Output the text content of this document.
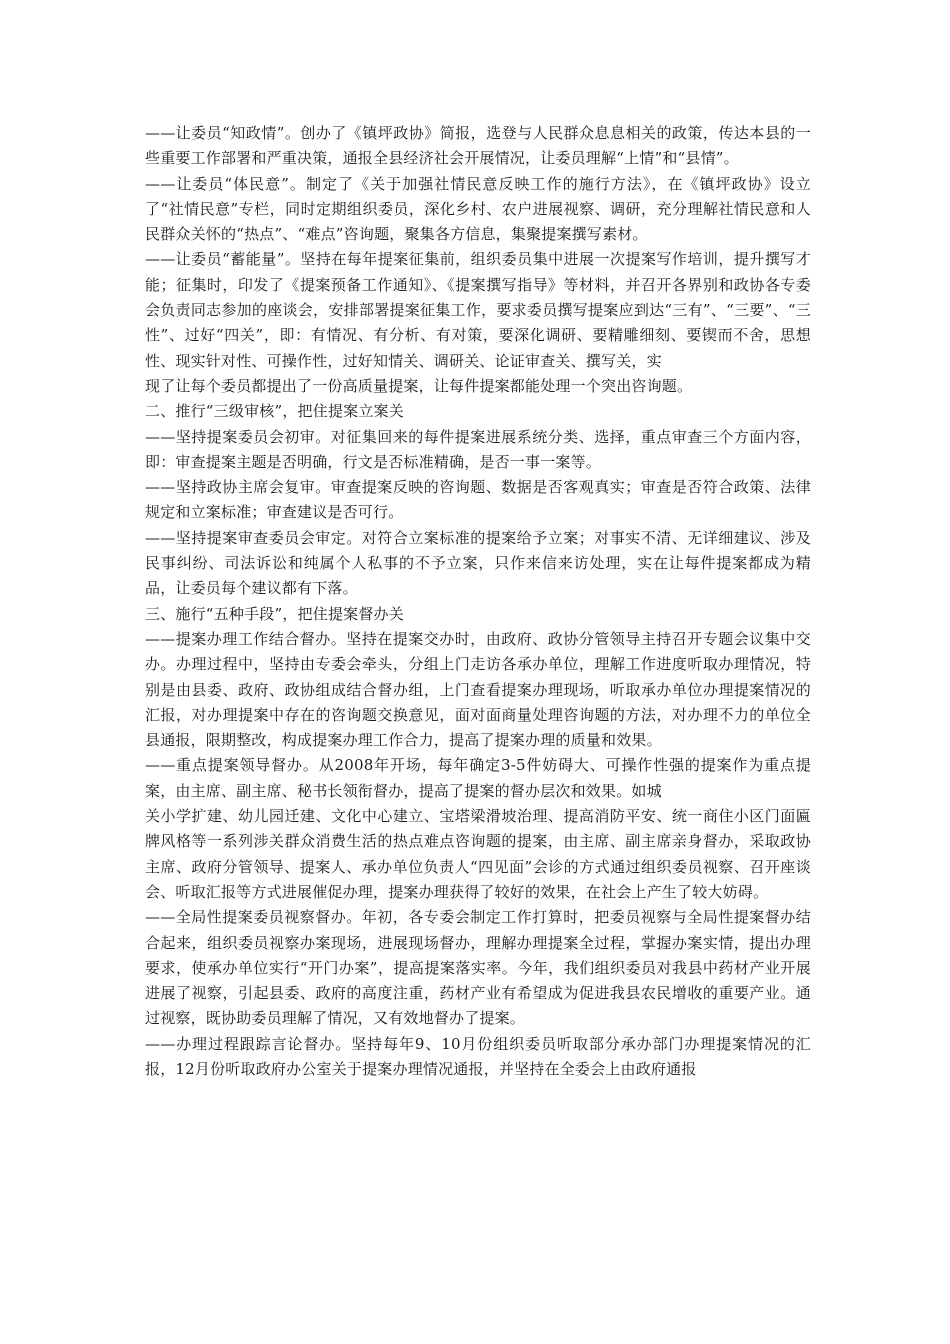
——让委员“知政情”。创办了《镇坪政协》简报，选登与人民群众息息相关的政策，传达本县的一些重要工作部署和严重决策，通报全县经济社会开展情况，让委员理解“上情”和“县情”。

——让委员“体民意”。制定了《关于加强社情民意反映工作的施行方法》，在《镇坪政协》设立了“社情民意”专栏，同时定期组织委员，深化乡村、农户进展视察、调研，充分理解社情民意和人民群众关怀的“热点”、“难点”咨询题，聚集各方信息，集聚提案撰写素材。

——让委员“蓄能量”。坚持在每年提案征集前，组织委员集中进展一次提案写作培训，提升撰写才能；征集时，印发了《提案预备工作通知》、《提案撰写指导》等材料，并召开各界别和政协各专委会负责同志参加的座谈会，安排部署提案征集工作，要求委员撰写提案应到达“三有”、“三要”、“三性”、过好“四关”，即：有情况、有分析、有对策，要深化调研、要精雕细刻、要锲而不舍，思想性、现实针对性、可操作性，过好知情关、调研关、论证审查关、撰写关，实

现了让每个委员都提出了一份高质量提案，让每件提案都能处理一个突出咨询题。

二、推行“三级审核”，把住提案立案关

——坚持提案委员会初审。对征集回来的每件提案进展系统分类、选择，重点审查三个方面内容，即：审查提案主题是否明确，行文是否标准精确，是否一事一案等。

——坚持政协主席会复审。审查提案反映的咨询题、数据是否客观真实；审查是否符合政策、法律规定和立案标准；审查建议是否可行。

——坚持提案审查委员会审定。对符合立案标准的提案给予立案；对事实不清、无详细建议、涉及民事纠纷、司法诉讼和纯属个人私事的不予立案，只作来信来访处理，实在让每件提案都成为精品，让委员每个建议都有下落。

三、施行“五种手段”，把住提案督办关

——提案办理工作结合督办。坚持在提案交办时，由政府、政协分管领导主持召开专题会议集中交办。办理过程中，坚持由专委会牵头，分组上门走访各承办单位，理解工作进度听取办理情况，特别是由县委、政府、政协组成结合督办组，上门查看提案办理现场，听取承办单位办理提案情况的汇报，对办理提案中存在的咨询题交换意见，面对面商量处理咨询题的方法，对办理不力的单位全县通报，限期整改，构成提案办理工作合力，提高了提案办理的质量和效果。

——重点提案领导督办。从2008年开场，每年确定3-5件妨碍大、可操作性强的提案作为重点提案，由主席、副主席、秘书长领衔督办，提高了提案的督办层次和效果。如城

关小学扩建、幼儿园迁建、文化中心建立、宝塔梁滑坡治理、提高消防平安、统一商住小区门面匾牌风格等一系列涉关群众消费生活的热点难点咨询题的提案，由主席、副主席亲身督办，采取政协主席、政府分管领导、提案人、承办单位负责人“四见面”会诊的方式通过组织委员视察、召开座谈会、听取汇报等方式进展催促办理，提案办理获得了较好的效果，在社会上产生了较大妨碍。

——全局性提案委员视察督办。年初，各专委会制定工作打算时，把委员视察与全局性提案督办结合起来，组织委员视察办案现场，进展现场督办，理解办理提案全过程，掌握办案实情，提出办理要求，使承办单位实行“开门办案”，提高提案落实率。今年，我们组织委员对我县中药材产业开展进展了视察，引起县委、政府的高度注重，药材产业有希望成为促进我县农民增收的重要产业。通过视察，既协助委员理解了情况，又有效地督办了提案。

——办理过程跟踪言论督办。坚持每年9、10月份组织委员听取部分承办部门办理提案情况的汇报，12月份听取政府办公室关于提案办理情况通报，并坚持在全委会上由政府通报
